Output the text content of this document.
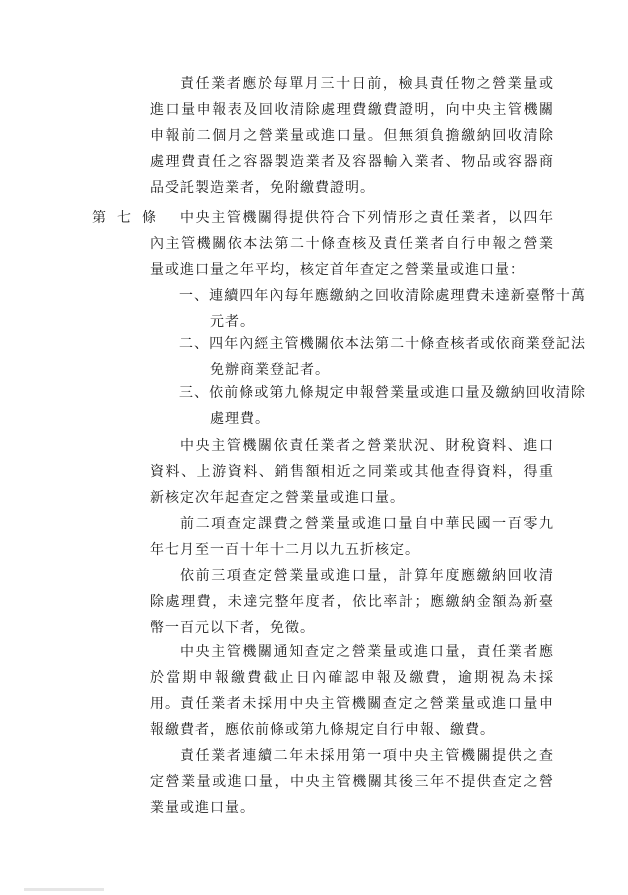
責任業者應於每單月三十日前，檢具責任物之營業量或進口量申報表及回收清除處理費繳費證明，向中央主管機關申報前二個月之營業量或進口量。但無須負擔繳納回收清除處理費責任之容器製造業者及容器輸入業者、物品或容器商品受託製造業者，免附繳費證明。
第七條 中央主管機關得提供符合下列情形之責任業者，以四年內主管機關依本法第二十條查核及責任業者自行申報之營業量或進口量之年平均，核定首年查定之營業量或進口量：
一、連續四年內每年應繳納之回收清除處理費未達新臺幣十萬元者。
二、四年內經主管機關依本法第二十條查核者或依商業登記法免辦商業登記者。
三、依前條或第九條規定申報營業量或進口量及繳納回收清除處理費。
中央主管機關依責任業者之營業狀況、財稅資料、進口資料、上游資料、銷售額相近之同業或其他查得資料，得重新核定次年起查定之營業量或進口量。
前二項查定課費之營業量或進口量自中華民國一百零九年七月至一百十年十二月以九五折核定。
依前三項查定營業量或進口量，計算年度應繳納回收清除處理費，未達完整年度者，依比率計；應繳納金額為新臺幣一百元以下者，免徵。
中央主管機關通知查定之營業量或進口量，責任業者應於當期申報繳費截止日內確認申報及繳費，逾期視為未採用。 責任業者未採用中央主管機關查定之營業量或進口量申報繳費者，應依前條或第九條規定自行申報、繳費。
責任業者連續二年未採用第一項中央主管機關提供之查定營業量或進口量，中央主管機關其後三年不提供查定之營業量或進口量。
